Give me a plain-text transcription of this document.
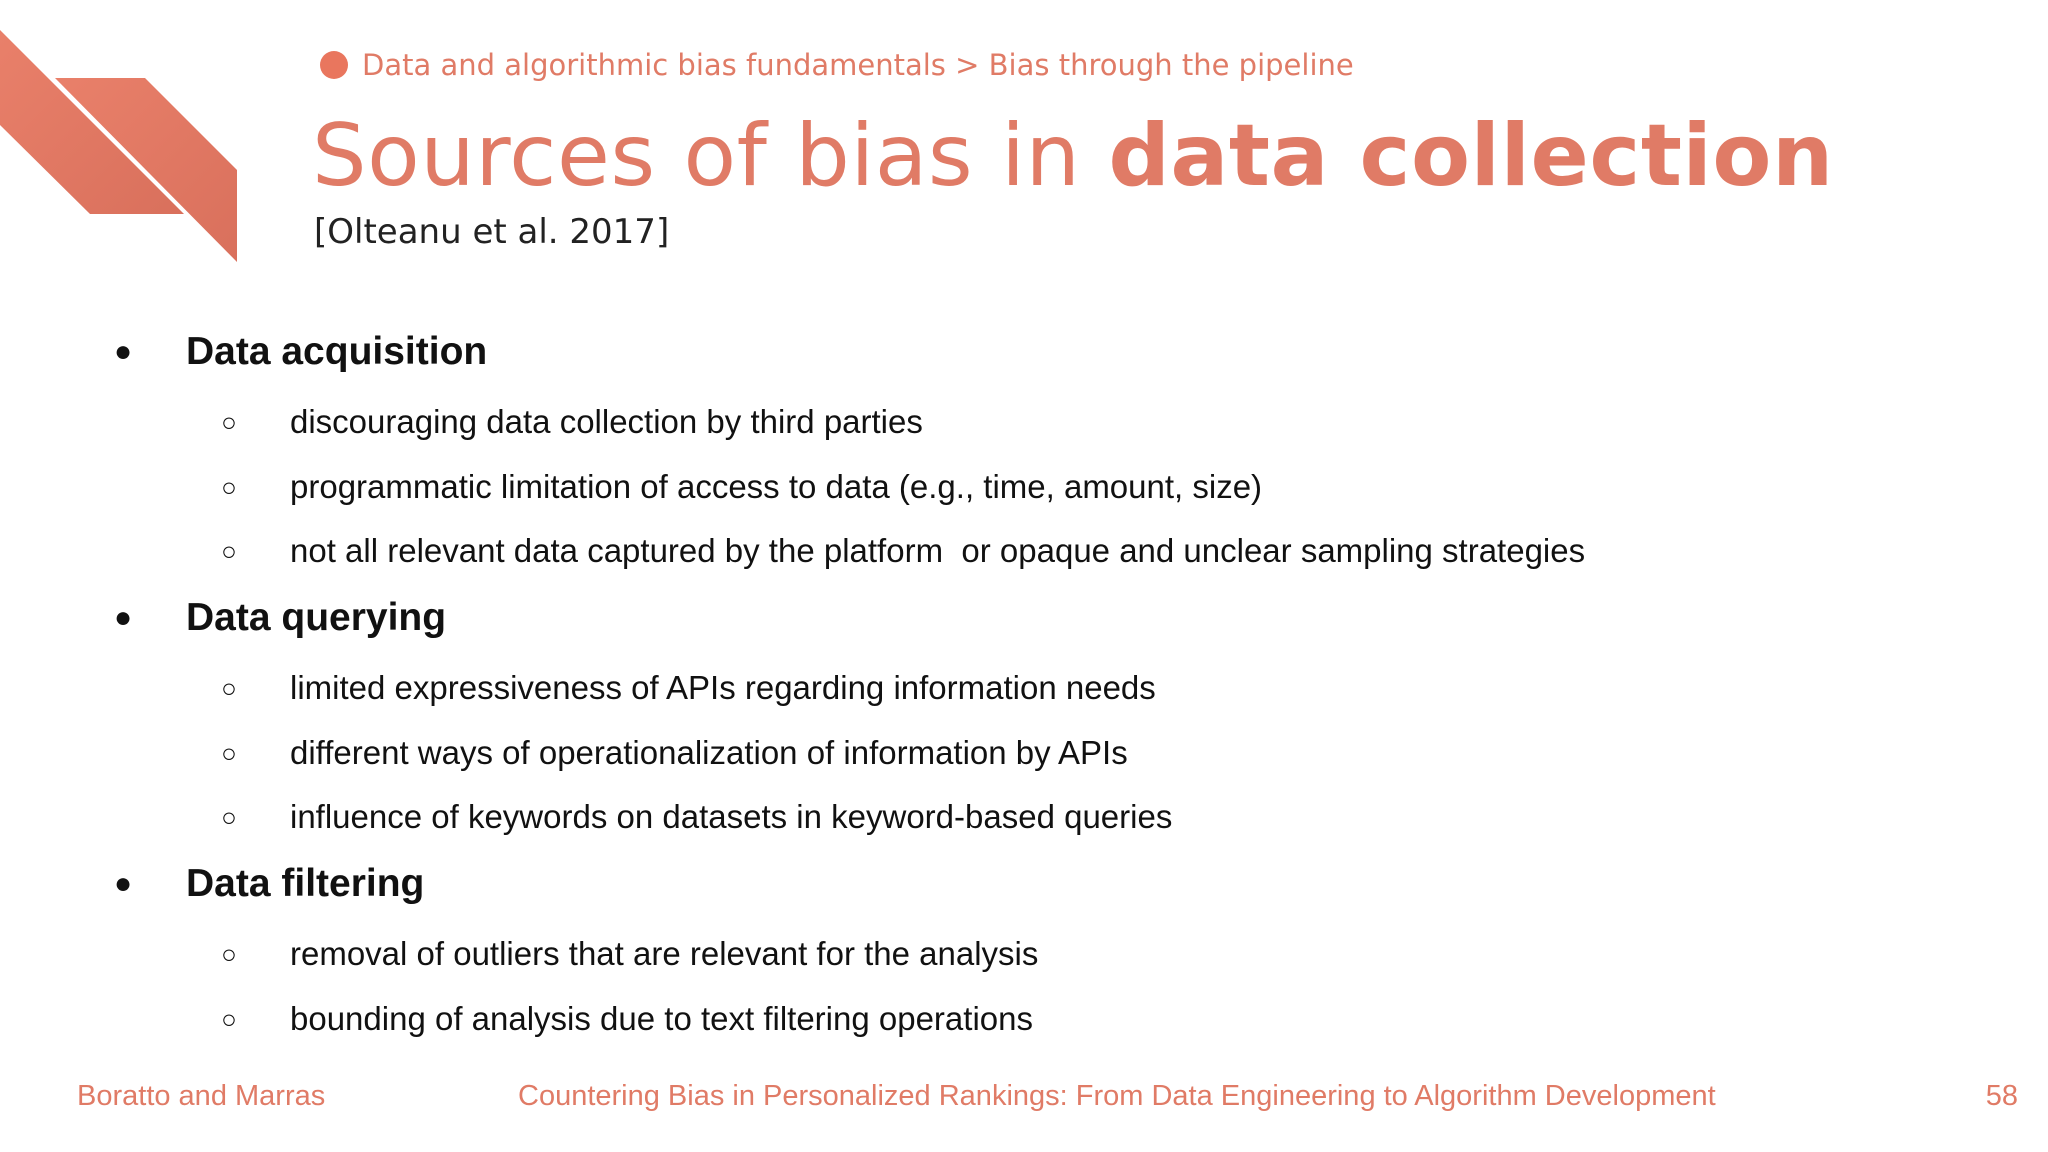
Data and algorithmic bias fundamentals > Bias through the pipeline
Sources of bias in data collection
[Olteanu et al. 2017]
● Data acquisition
○ discouraging data collection by third parties
○ programmatic limitation of access to data (e.g., time, amount, size)
○ not all relevant data captured by the platform  or opaque and unclear sampling strategies
● Data querying
○ limited expressiveness of APIs regarding information needs
○ different ways of operationalization of information by APIs
○ influence of keywords on datasets in keyword-based queries
● Data filtering
○ removal of outliers that are relevant for the analysis
○ bounding of analysis due to text filtering operations
Boratto and Marras	Countering Bias in Personalized Rankings: From Data Engineering to Algorithm Development	58
